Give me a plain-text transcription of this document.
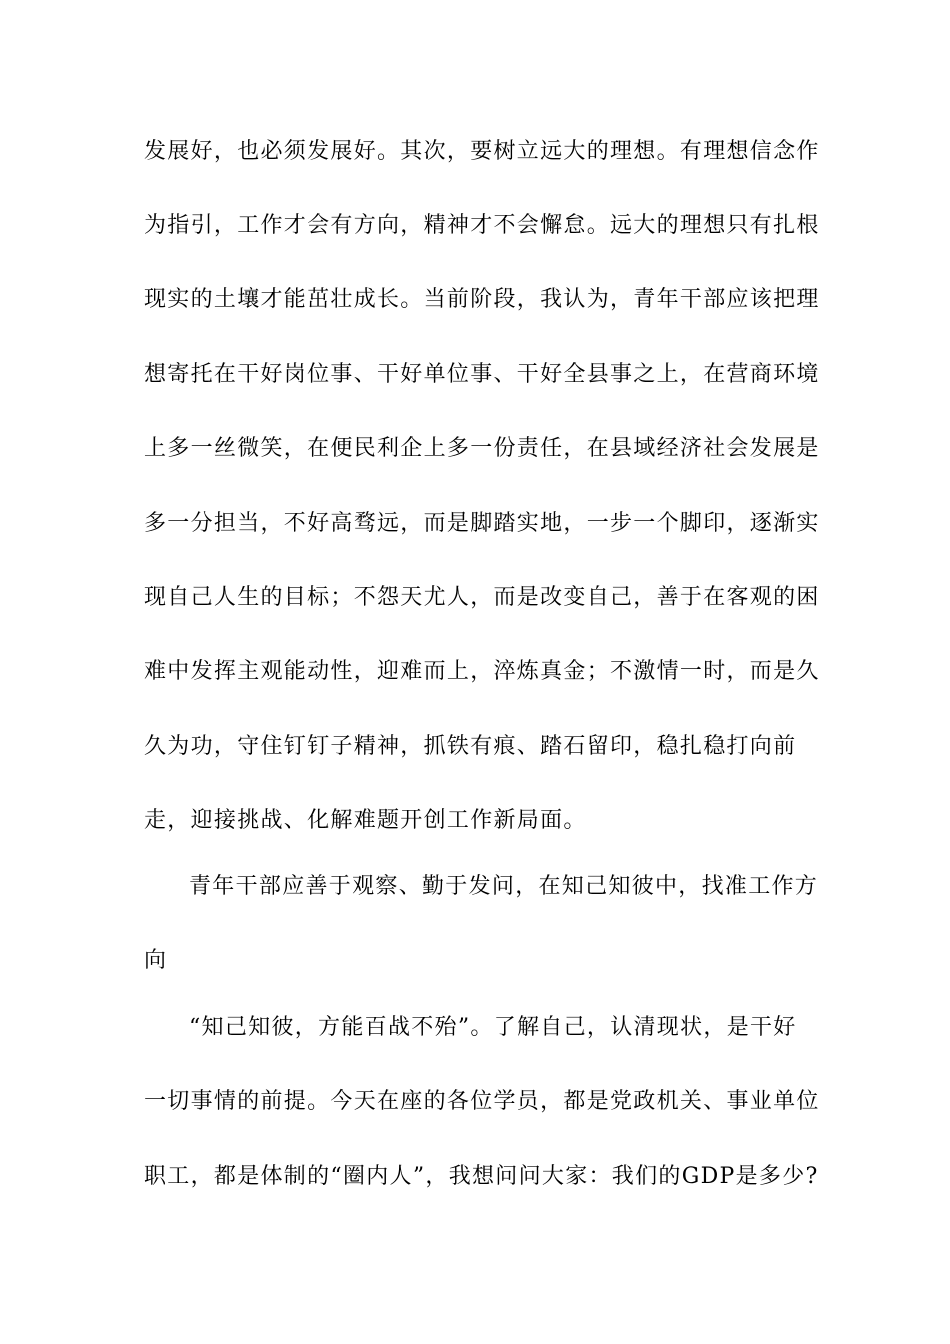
发展好，也必须发展好。其次，要树立远大的理想。有理想信念作
为指引，工作才会有方向，精神才不会懈怠。远大的理想只有扎根
现实的土壤才能茁壮成长。当前阶段，我认为，青年干部应该把理
想寄托在干好岗位事、干好单位事、干好全县事之上，在营商环境
上多一丝微笑，在便民利企上多一份责任，在县域经济社会发展是
多一分担当，不好高骛远，而是脚踏实地，一步一个脚印，逐渐实
现自己人生的目标；不怨天尤人，而是改变自己，善于在客观的困
难中发挥主观能动性，迎难而上，淬炼真金；不激情一时，而是久
久为功，守住钉钉子精神，抓铁有痕、踏石留印，稳扎稳打向前
走，迎接挑战、化解难题开创工作新局面。
青年干部应善于观察、勤于发问，在知己知彼中，找准工作方
向
“知己知彼，方能百战不殆”。了解自己，认清现状，是干好
一切事情的前提。今天在座的各位学员，都是党政机关、事业单位
职工，都是体制的“圈内人”，我想问问大家：我们的GDP是多少?
